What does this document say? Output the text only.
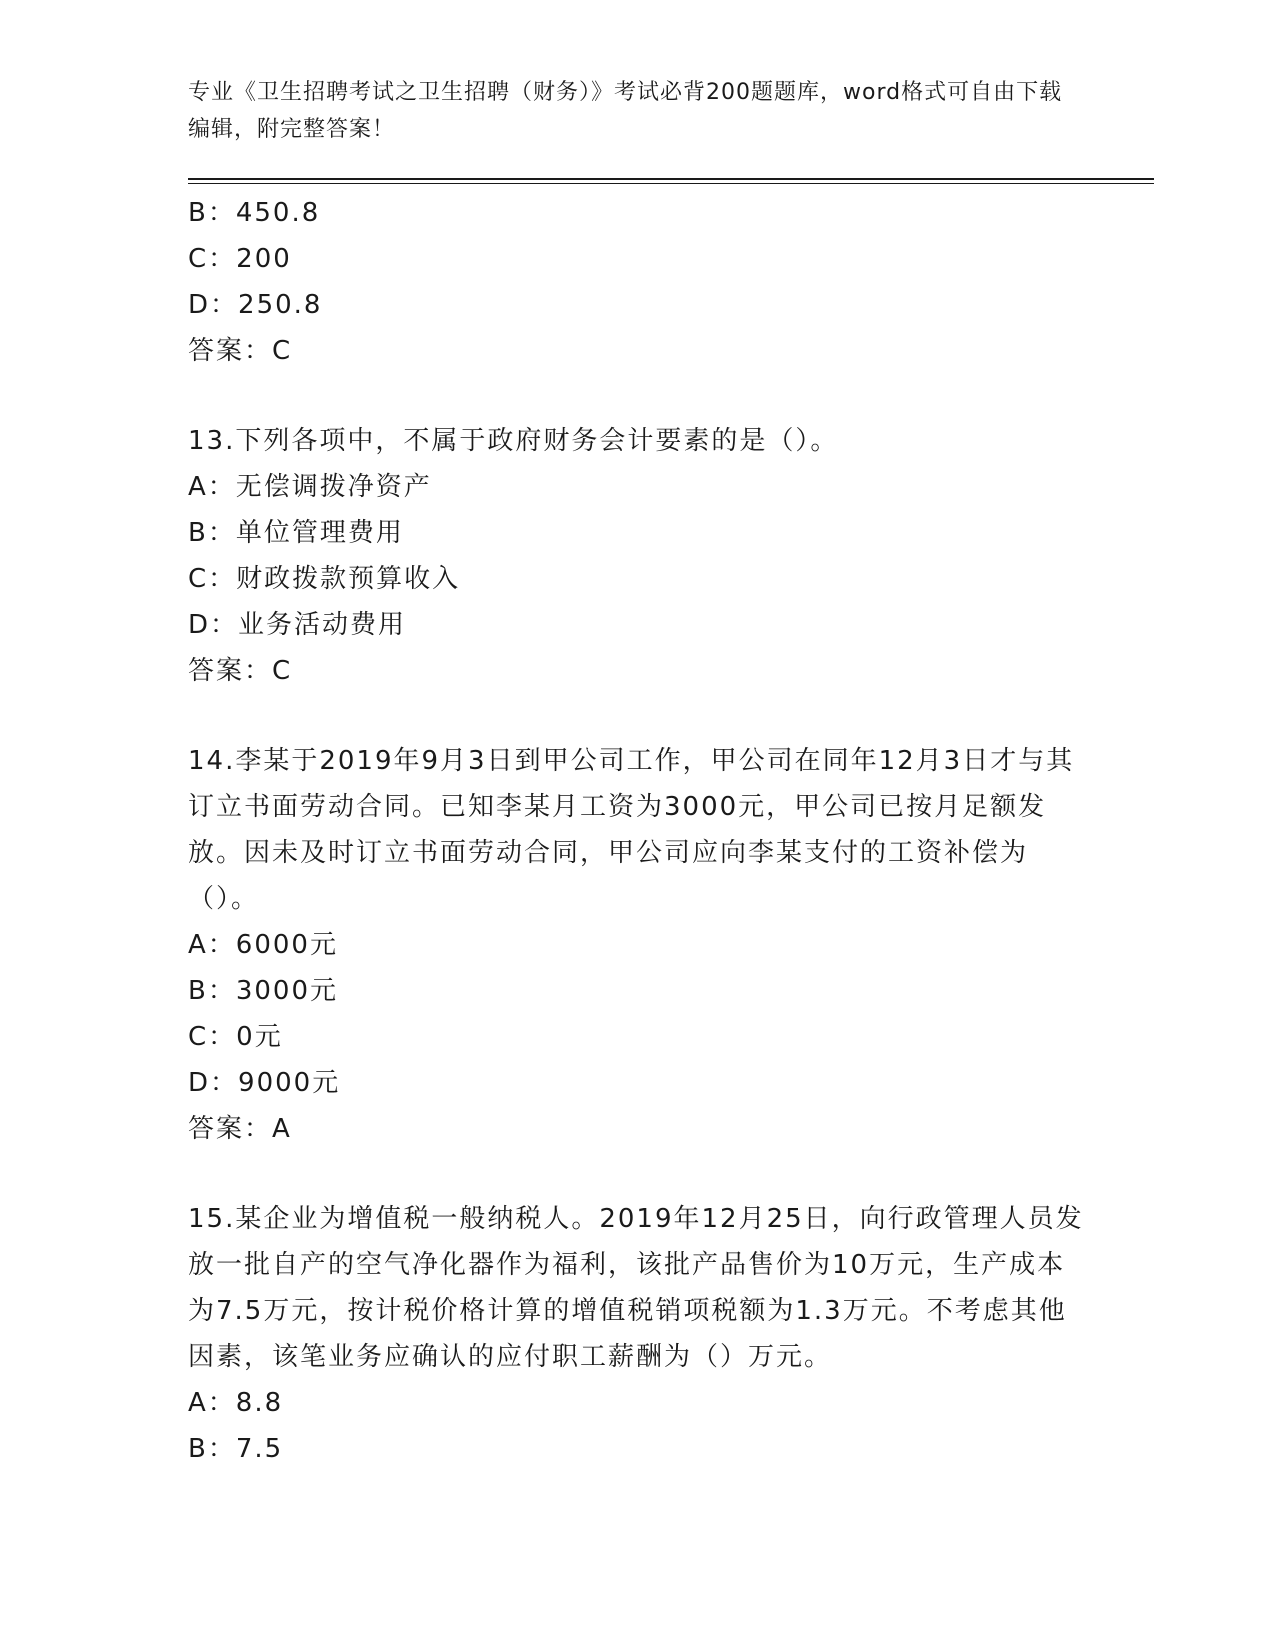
专业《卫生招聘考试之卫生招聘（财务）》考试必背200题题库，word格式可自由下载编辑，附完整答案！
B：450.8
C：200
D：250.8
答案：C
13.下列各项中，不属于政府财务会计要素的是（）。
A：无偿调拨净资产
B：单位管理费用
C：财政拨款预算收入
D：业务活动费用
答案：C
14.李某于2019年9月3日到甲公司工作，甲公司在同年12月3日才与其订立书面劳动合同。已知李某月工资为3000元，甲公司已按月足额发放。因未及时订立书面劳动合同，甲公司应向李某支付的工资补偿为（）。
A：6000元
B：3000元
C：0元
D：9000元
答案：A
15.某企业为增值税一般纳税人。2019年12月25日，向行政管理人员发放一批自产的空气净化器作为福利，该批产品售价为10万元，生产成本为7.5万元，按计税价格计算的增值税销项税额为1.3万元。不考虑其他因素，该笔业务应确认的应付职工薪酬为（）万元。
A：8.8
B：7.5
